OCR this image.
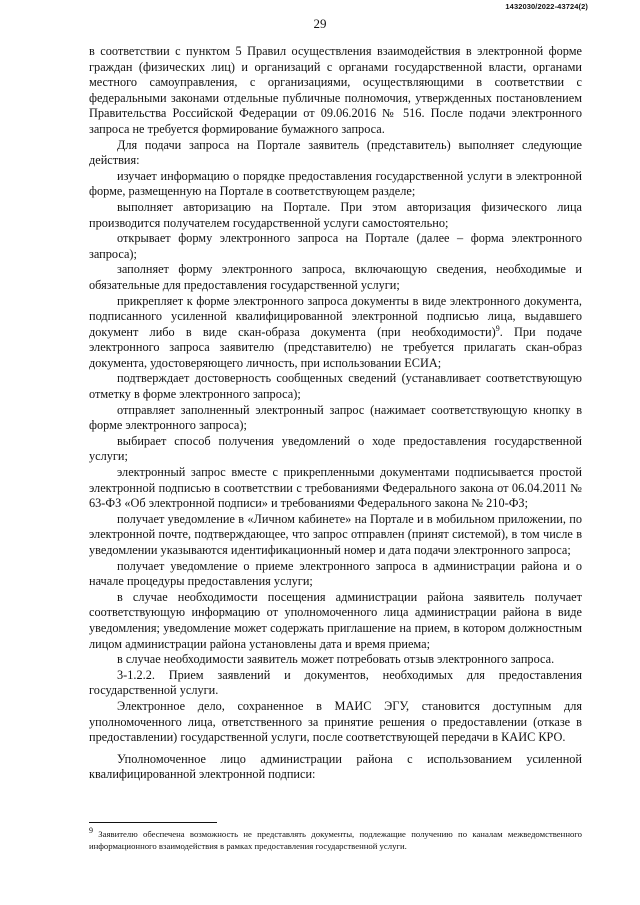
1432030/2022-43724(2)
29

в соответствии с пунктом 5 Правил осуществления взаимодействия в электронной форме граждан (физических лиц) и организаций с органами государственной власти, органами местного самоуправления, с организациями, осуществляющими в соответствии с федеральными законами отдельные публичные полномочия, утвержденных постановлением Правительства Российской Федерации от 09.06.2016 № 516. После подачи электронного запроса не требуется формирование бумажного запроса.

Для подачи запроса на Портале заявитель (представитель) выполняет следующие действия:

изучает информацию о порядке предоставления государственной услуги в электронной форме, размещенную на Портале в соответствующем разделе;

выполняет авторизацию на Портале. При этом авторизация физического лица производится получателем государственной услуги самостоятельно;

открывает форму электронного запроса на Портале (далее – форма электронного запроса);

заполняет форму электронного запроса, включающую сведения, необходимые и обязательные для предоставления государственной услуги;

прикрепляет к форме электронного запроса документы в виде электронного документа, подписанного усиленной квалифицированной электронной подписью лица, выдавшего документ либо в виде скан-образа документа (при необходимости)$^9$. При подаче электронного запроса заявителю (представителю) не требуется прилагать скан-образ документа, удостоверяющего личность, при использовании ЕСИА;

подтверждает достоверность сообщенных сведений (устанавливает соответствующую отметку в форме электронного запроса);

отправляет заполненный электронный запрос (нажимает соответствующую кнопку в форме электронного запроса);

выбирает способ получения уведомлений о ходе предоставления государственной услуги;

электронный запрос вместе с прикрепленными документами подписывается простой электронной подписью в соответствии с требованиями Федерального закона от 06.04.2011 № 63-ФЗ «Об электронной подписи» и требованиями Федерального закона № 210-ФЗ;

получает уведомление в «Личном кабинете» на Портале и в мобильном приложении, по электронной почте, подтверждающее, что запрос отправлен (принят системой), в том числе в уведомлении указываются идентификационный номер и дата подачи электронного запроса;

получает уведомление о приеме электронного запроса в администрации района и о начале процедуры предоставления услуги;

в случае необходимости посещения администрации района заявитель получает соответствующую информацию от уполномоченного лица администрации района в виде уведомления; уведомление может содержать приглашение на прием, в котором должностным лицом администрации района установлены дата и время приема;

в случае необходимости заявитель может потребовать отзыв электронного запроса.

3-1.2.2. Прием заявлений и документов, необходимых для предоставления государственной услуги.

Электронное дело, сохраненное в МАИС ЭГУ, становится доступным для уполномоченного лица, ответственного за принятие решения о предоставлении (отказе в предоставлении) государственной услуги, после соответствующей передачи в КАИС КРО.

Уполномоченное лицо администрации района с использованием усиленной квалифицированной электронной подписи:

$^9$ Заявителю обеспечена возможность не представлять документы, подлежащие получению по каналам межведомственного информационного взаимодействия в рамках предоставления государственной услуги.
